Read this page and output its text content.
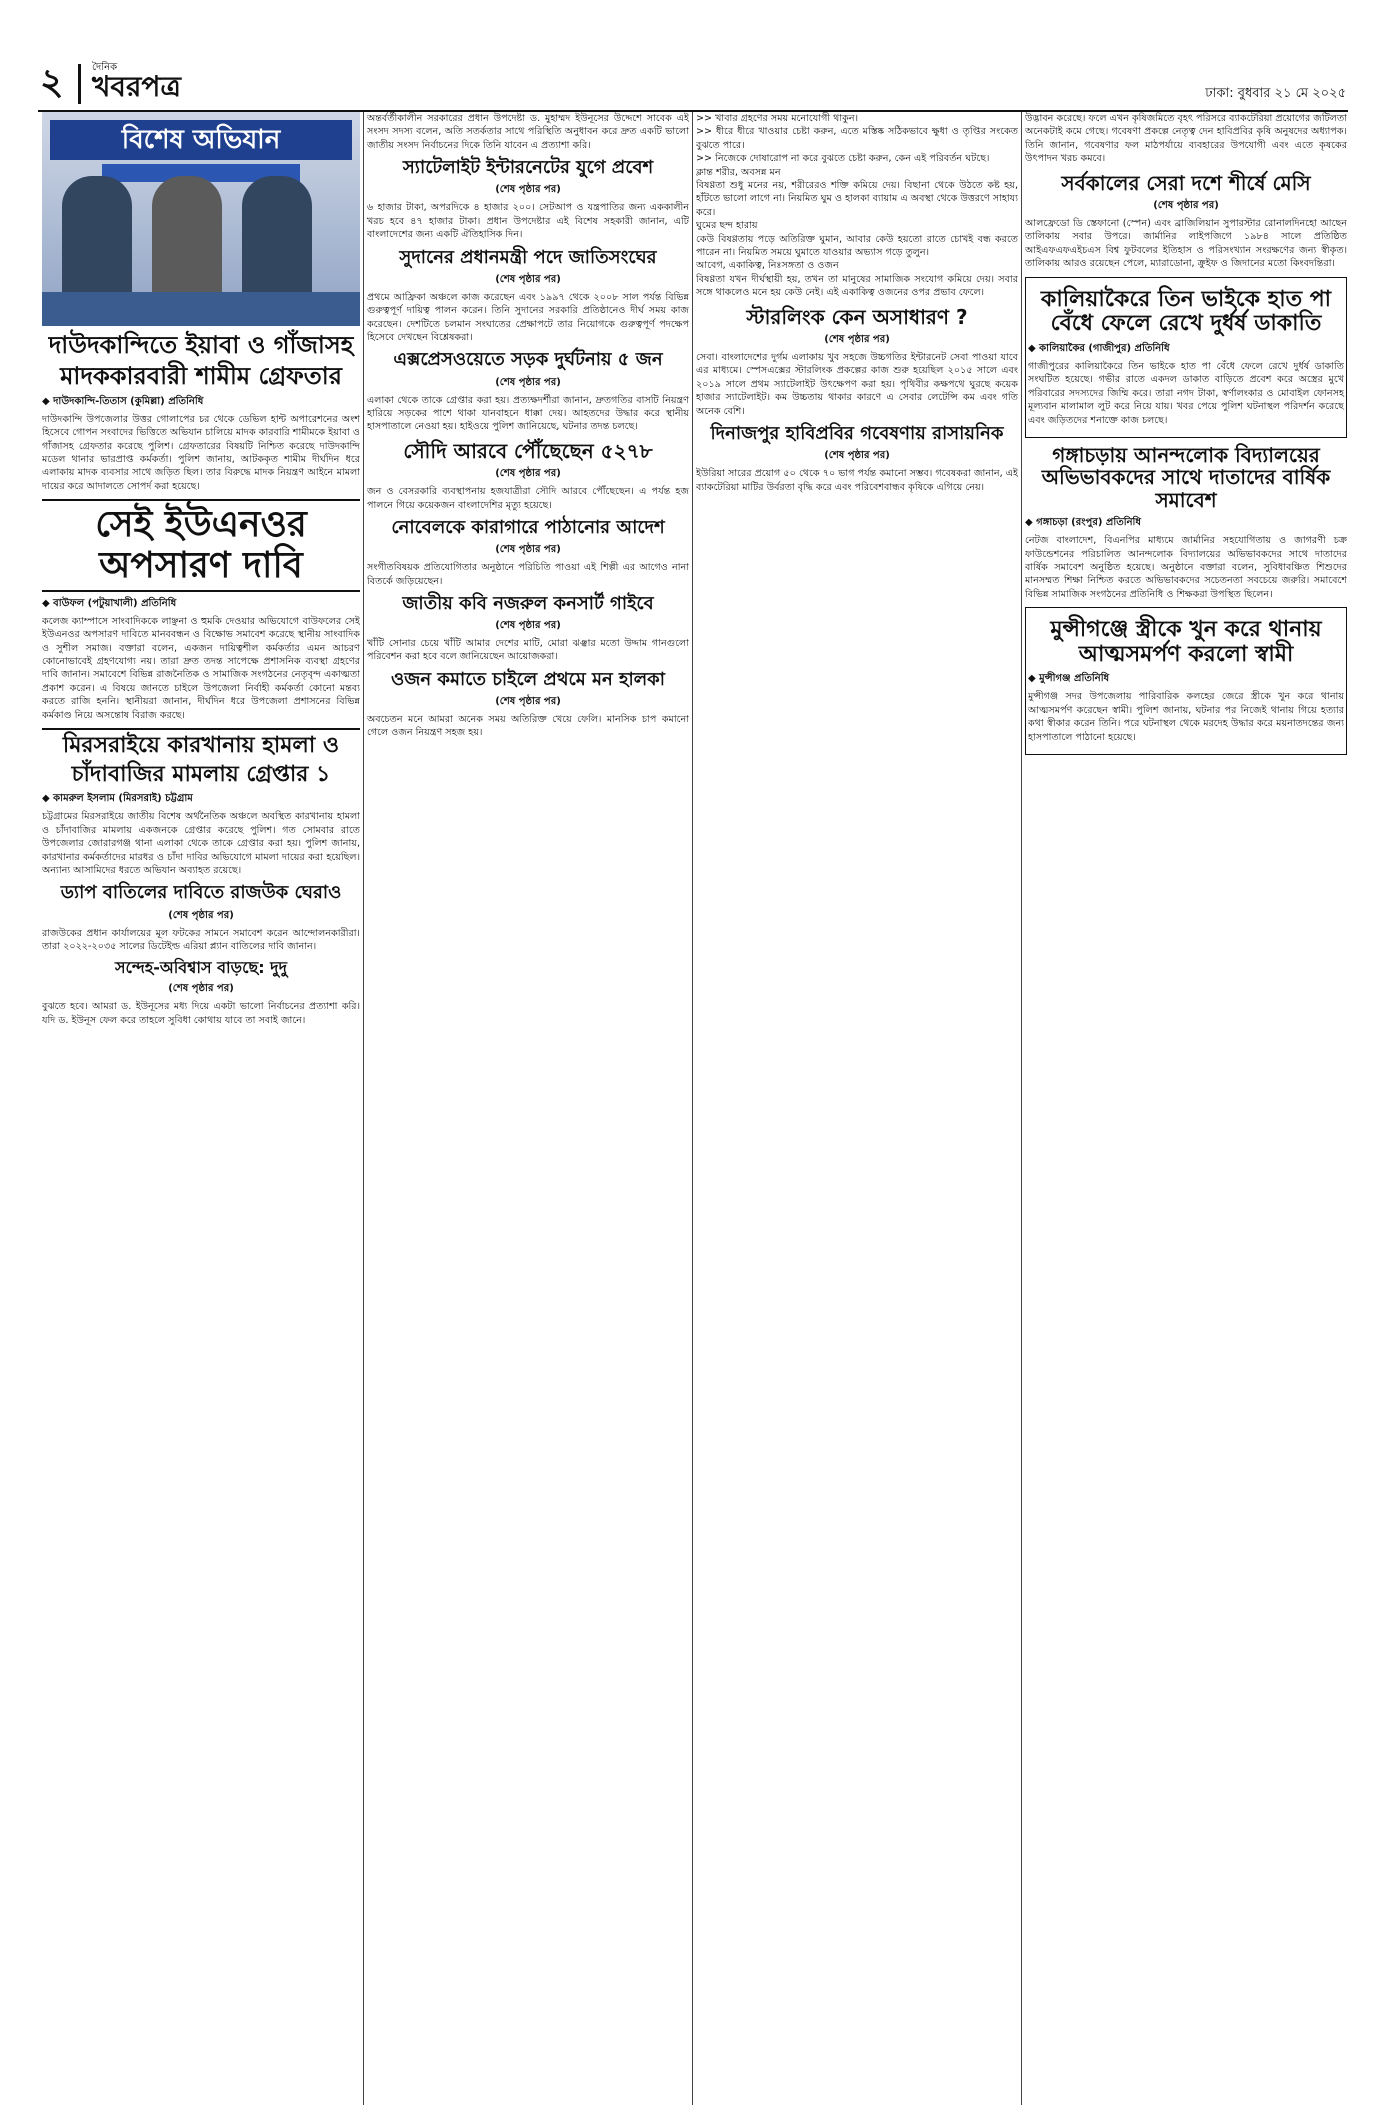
২	দৈনিক
খবরপত্র	ঢাকা: বুধবার ২১ মে ২০২৫
বিশেষ অভিযান
দাউদকান্দিতে ইয়াবা ও গাঁজাসহ
মাদককারবারী শামীম গ্রেফতার
◆ দাউদকান্দি-তিতাস (কুমিল্লা) প্রতিনিধি
দাউদকান্দি উপজেলার উত্তর গোলাপের চর থেকে ডেভিল হান্ট অপারেশনের অংশ হিসেবে গোপন সংবাদের ভিত্তিতে অভিযান চালিয়ে মাদক কারবারি শামীমকে ইয়াবা ও গাঁজাসহ গ্রেফতার করেছে পুলিশ। গ্রেফতারের বিষয়টি নিশ্চিত করেছে দাউদকান্দি মডেল থানার ভারপ্রাপ্ত কর্মকর্তা। পুলিশ জানায়, আটককৃত শামীম দীর্ঘদিন ধরে এলাকায় মাদক ব্যবসার সাথে জড়িত ছিল। তার বিরুদ্ধে মাদক নিয়ন্ত্রণ আইনে মামলা দায়ের করে আদালতে সোপর্দ করা হয়েছে।
সেই ইউএনওর অপসারণ দাবি
◆ বাউফল (পটুয়াখালী) প্রতিনিধি
কলেজ ক্যাম্পাসে সাংবাদিককে লাঞ্ছনা ও হুমকি দেওয়ার অভিযোগে বাউফলের সেই ইউএনওর অপসারণ দাবিতে মানববন্ধন ও বিক্ষোভ সমাবেশ করেছে স্থানীয় সাংবাদিক ও সুশীল সমাজ। বক্তারা বলেন, একজন দায়িত্বশীল কর্মকর্তার এমন আচরণ কোনোভাবেই গ্রহণযোগ্য নয়। তারা দ্রুত তদন্ত সাপেক্ষে প্রশাসনিক ব্যবস্থা গ্রহণের দাবি জানান। সমাবেশে বিভিন্ন রাজনৈতিক ও সামাজিক সংগঠনের নেতৃবৃন্দ একাত্মতা প্রকাশ করেন। এ বিষয়ে জানতে চাইলে উপজেলা নির্বাহী কর্মকর্তা কোনো মন্তব্য করতে রাজি হননি। স্থানীয়রা জানান, দীর্ঘদিন ধরে উপজেলা প্রশাসনের বিভিন্ন কর্মকাণ্ড নিয়ে অসন্তোষ বিরাজ করছে।
মিরসরাইয়ে কারখানায় হামলা ও
চাঁদাবাজির মামলায় গ্রেপ্তার ১
◆ কামরুল ইসলাম (মিরসরাই) চট্টগ্রাম
চট্টগ্রামের মিরসরাইয়ে জাতীয় বিশেষ অর্থনৈতিক অঞ্চলে অবস্থিত কারখানায় হামলা ও চাঁদাবাজির মামলায় একজনকে গ্রেপ্তার করেছে পুলিশ। গত সোমবার রাতে উপজেলার জোরারগঞ্জ থানা এলাকা থেকে তাকে গ্রেপ্তার করা হয়। পুলিশ জানায়, কারখানার কর্মকর্তাদের মারধর ও চাঁদা দাবির অভিযোগে মামলা দায়ের করা হয়েছিল। অন্যান্য আসামিদের ধরতে অভিযান অব্যাহত রয়েছে।
ড্যাপ বাতিলের দাবিতে রাজউক ঘেরাও
(শেষ পৃষ্ঠার পর)
রাজউকের প্রধান কার্যালয়ের মূল ফটকের সামনে সমাবেশ করেন আন্দোলনকারীরা। তারা ২০২২-২০৩৫ সালের ডিটেইল্ড এরিয়া প্ল্যান বাতিলের দাবি জানান।
সন্দেহ-অবিশ্বাস বাড়ছে: দুদু
(শেষ পৃষ্ঠার পর)
বুঝতে হবে। আমরা ড. ইউনূসের মধ্য দিয়ে একটা ভালো নির্বাচনের প্রত্যাশা করি। যদি ড. ইউনূস ফেল করে তাহলে সুবিধা কোথায় যাবে তা সবাই জানে।
অন্তর্বর্তীকালীন সরকারের প্রধান উপদেষ্টা ড. মুহাম্মদ ইউনূসের উদ্দেশে সাবেক এই সংসদ সদস্য বলেন, অতি সতর্কতার সাথে পরিস্থিতি অনুধাবন করে দ্রুত একটি ভালো জাতীয় সংসদ নির্বাচনের দিকে তিনি যাবেন এ প্রত্যাশা করি।
স্যাটেলাইট ইন্টারনেটের যুগে প্রবেশ
(শেষ পৃষ্ঠার পর)
৬ হাজার টাকা, অপরদিকে ৪ হাজার ২০০। সেটআপ ও যন্ত্রপাতির জন্য এককালীন খরচ হবে ৪৭ হাজার টাকা। প্রধান উপদেষ্টার এই বিশেষ সহকারী জানান, এটি বাংলাদেশের জন্য একটি ঐতিহাসিক দিন।
সুদানের প্রধানমন্ত্রী পদে জাতিসংঘের
(শেষ পৃষ্ঠার পর)
প্রথমে আফ্রিকা অঞ্চলে কাজ করেছেন এবং ১৯৯৭ থেকে ২০০৮ সাল পর্যন্ত বিভিন্ন গুরুত্বপূর্ণ দায়িত্ব পালন করেন। তিনি সুদানের সরকারি প্রতিষ্ঠানেও দীর্ঘ সময় কাজ করেছেন। দেশটিতে চলমান সংঘাতের প্রেক্ষাপটে তার নিয়োগকে গুরুত্বপূর্ণ পদক্ষেপ হিসেবে দেখছেন বিশ্লেষকরা।
এক্সপ্রেসওয়েতে সড়ক দুর্ঘটনায় ৫ জন
(শেষ পৃষ্ঠার পর)
এলাকা থেকে তাকে গ্রেপ্তার করা হয়। প্রত্যক্ষদর্শীরা জানান, দ্রুতগতির বাসটি নিয়ন্ত্রণ হারিয়ে সড়কের পাশে থাকা যানবাহনে ধাক্কা দেয়। আহতদের উদ্ধার করে স্থানীয় হাসপাতালে নেওয়া হয়। হাইওয়ে পুলিশ জানিয়েছে, ঘটনার তদন্ত চলছে।
সৌদি আরবে পৌঁছেছেন ৫২৭৮
(শেষ পৃষ্ঠার পর)
জন ও বেসরকারি ব্যবস্থাপনায় হজযাত্রীরা সৌদি আরবে পৌঁছেছেন। এ পর্যন্ত হজ পালনে গিয়ে কয়েকজন বাংলাদেশির মৃত্যু হয়েছে।
নোবেলকে কারাগারে পাঠানোর আদেশ
(শেষ পৃষ্ঠার পর)
সংগীতবিষয়ক প্রতিযোগিতার অনুষ্ঠানে পরিচিতি পাওয়া এই শিল্পী এর আগেও নানা বিতর্কে জড়িয়েছেন।
জাতীয় কবি নজরুল কনসার্ট গাইবে
(শেষ পৃষ্ঠার পর)
খাঁটি সোনার চেয়ে খাঁটি আমার দেশের মাটি, মোরা ঝঞ্ঝার মতো উদ্দাম গানগুলো পরিবেশন করা হবে বলে জানিয়েছেন আয়োজকরা।
ওজন কমাতে চাইলে প্রথমে মন হালকা
(শেষ পৃষ্ঠার পর)
অবচেতন মনে আমরা অনেক সময় অতিরিক্ত খেয়ে ফেলি। মানসিক চাপ কমানো গেলে ওজন নিয়ন্ত্রণ সহজ হয়।
>> খাবার গ্রহণের সময় মনোযোগী থাকুন।
>> ধীরে ধীরে খাওয়ার চেষ্টা করুন, এতে মস্তিষ্ক সঠিকভাবে ক্ষুধা ও তৃপ্তির সংকেত বুঝতে পারে।
>> নিজেকে দোষারোপ না করে বুঝতে চেষ্টা করুন, কেন এই পরিবর্তন ঘটছে।
ক্লান্ত শরীর, অবসন্ন মন
বিষণ্ণতা শুধু মনের নয়, শরীরেরও শক্তি কমিয়ে দেয়। বিছানা থেকে উঠতে কষ্ট হয়, হাঁটতে ভালো লাগে না। নিয়মিত ঘুম ও হালকা ব্যায়াম এ অবস্থা থেকে উত্তরণে সাহায্য করে।
ঘুমের ছন্দ হারায়
কেউ বিষণ্ণতায় পড়ে অতিরিক্ত ঘুমান, আবার কেউ হয়তো রাতে চোখই বন্ধ করতে পারেন না। নিয়মিত সময়ে ঘুমাতে যাওয়ার অভ্যাস গড়ে তুলুন।
আবেগ, একাকিত্ব, নিঃসঙ্গতা ও ওজন
বিষণ্ণতা যখন দীর্ঘস্থায়ী হয়, তখন তা মানুষের সামাজিক সংযোগ কমিয়ে দেয়। সবার সঙ্গে থাকলেও মনে হয় কেউ নেই। এই একাকিত্ব ওজনের ওপর প্রভাব ফেলে।
স্টারলিংক কেন অসাধারণ ?
(শেষ পৃষ্ঠার পর)
সেবা। বাংলাদেশের দুর্গম এলাকায় খুব সহজে উচ্চগতির ইন্টারনেট সেবা পাওয়া যাবে এর মাধ্যমে। স্পেসএক্সের স্টারলিংক প্রকল্পের কাজ শুরু হয়েছিল ২০১৫ সালে এবং ২০১৯ সালে প্রথম স্যাটেলাইট উৎক্ষেপণ করা হয়। পৃথিবীর কক্ষপথে ঘুরছে কয়েক হাজার স্যাটেলাইট। কম উচ্চতায় থাকার কারণে এ সেবার লেটেন্সি কম এবং গতি অনেক বেশি।
দিনাজপুর হাবিপ্রবির গবেষণায় রাসায়নিক
(শেষ পৃষ্ঠার পর)
ইউরিয়া সারের প্রয়োগ ৫০ থেকে ৭০ ভাগ পর্যন্ত কমানো সম্ভব। গবেষকরা জানান, এই ব্যাকটেরিয়া মাটির উর্বরতা বৃদ্ধি করে এবং পরিবেশবান্ধব কৃষিকে এগিয়ে নেয়।
উদ্ভাবন করেছে। ফলে এখন কৃষিজমিতে বৃহৎ পরিসরে ব্যাকটেরিয়া প্রয়োগের জটিলতা অনেকটাই কমে গেছে। গবেষণা প্রকল্পে নেতৃত্ব দেন হাবিপ্রবির কৃষি অনুষদের অধ্যাপক। তিনি জানান, গবেষণার ফল মাঠপর্যায়ে ব্যবহারের উপযোগী এবং এতে কৃষকের উৎপাদন খরচ কমবে।
সর্বকালের সেরা দশে শীর্ষে মেসি
(শেষ পৃষ্ঠার পর)
আলফ্রেডো ডি স্তেফানো (স্পেন) এবং ব্রাজিলিয়ান সুপারস্টার রোনালদিনহো আছেন তালিকায় সবার উপরে। জার্মানির লাইপজিগে ১৯৮৪ সালে প্রতিষ্ঠিত আইএফএফএইচএস বিশ্ব ফুটবলের ইতিহাস ও পরিসংখ্যান সংরক্ষণের জন্য স্বীকৃত। তালিকায় আরও রয়েছেন পেলে, ম্যারাডোনা, ক্রুইফ ও জিদানের মতো কিংবদন্তিরা।
কালিয়াকৈরে তিন ভাইকে হাত পা বেঁধে ফেলে রেখে দুর্ধর্ষ ডাকাতি
◆ কালিয়াকৈর (গাজীপুর) প্রতিনিধি
গাজীপুরের কালিয়াকৈরে তিন ভাইকে হাত পা বেঁধে ফেলে রেখে দুর্ধর্ষ ডাকাতি সংঘটিত হয়েছে। গভীর রাতে একদল ডাকাত বাড়িতে প্রবেশ করে অস্ত্রের মুখে পরিবারের সদস্যদের জিম্মি করে। তারা নগদ টাকা, স্বর্ণালংকার ও মোবাইল ফোনসহ মূল্যবান মালামাল লুট করে নিয়ে যায়। খবর পেয়ে পুলিশ ঘটনাস্থল পরিদর্শন করেছে এবং জড়িতদের শনাক্তে কাজ চলছে।
গঙ্গাচড়ায় আনন্দলোক বিদ্যালয়ের অভিভাবকদের সাথে দাতাদের বার্ষিক সমাবেশ
◆ গঙ্গাচড়া (রংপুর) প্রতিনিধি
নেটজ বাংলাদেশ, বিএনপির মাধ্যমে জার্মানির সহযোগিতায় ও জাগরণী চক্র ফাউন্ডেশনের পরিচালিত আনন্দলোক বিদ্যালয়ের অভিভাবকদের সাথে দাতাদের বার্ষিক সমাবেশ অনুষ্ঠিত হয়েছে। অনুষ্ঠানে বক্তারা বলেন, সুবিধাবঞ্চিত শিশুদের মানসম্মত শিক্ষা নিশ্চিত করতে অভিভাবকদের সচেতনতা সবচেয়ে জরুরি। সমাবেশে বিভিন্ন সামাজিক সংগঠনের প্রতিনিধি ও শিক্ষকরা উপস্থিত ছিলেন।
মুন্সীগঞ্জে স্ত্রীকে খুন করে থানায় আত্মসমর্পণ করলো স্বামী
◆ মুন্সীগঞ্জ প্রতিনিধি
মুন্সীগঞ্জ সদর উপজেলায় পারিবারিক কলহের জেরে স্ত্রীকে খুন করে থানায় আত্মসমর্পণ করেছেন স্বামী। পুলিশ জানায়, ঘটনার পর নিজেই থানায় গিয়ে হত্যার কথা স্বীকার করেন তিনি। পরে ঘটনাস্থল থেকে মরদেহ উদ্ধার করে ময়নাতদন্তের জন্য হাসপাতালে পাঠানো হয়েছে।
